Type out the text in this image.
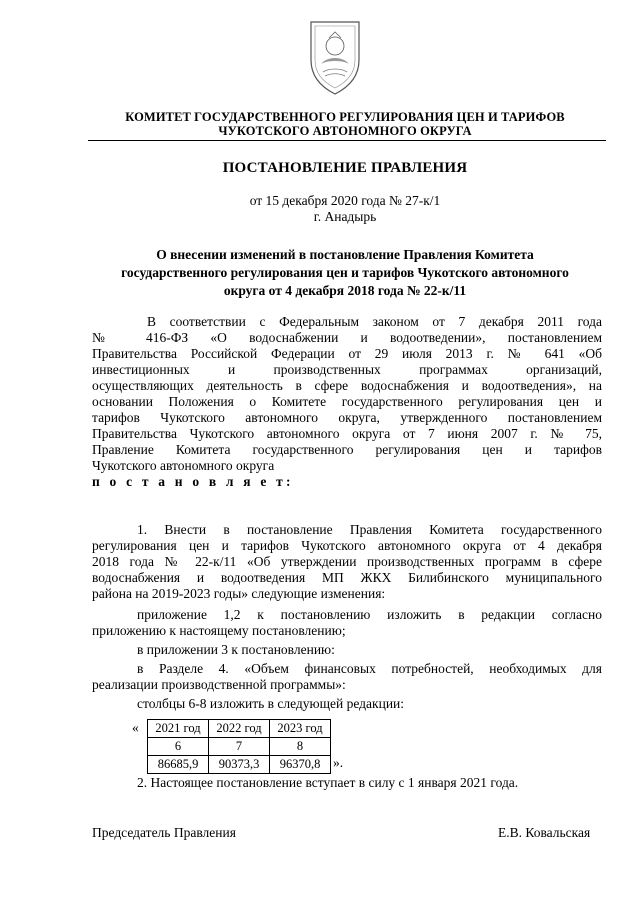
КОМИТЕТ ГОСУДАРСТВЕННОГО РЕГУЛИРОВАНИЯ ЦЕН И ТАРИФОВ
ЧУКОТСКОГО АВТОНОМНОГО ОКРУГА
ПОСТАНОВЛЕНИЕ ПРАВЛЕНИЯ
от 15 декабря 2020 года № 27-к/1
г. Анадырь
О внесении изменений в постановление Правления Комитета
государственного регулирования цен и тарифов Чукотского автономного
округа от 4 декабря 2018 года № 22-к/11
В соответствии с Федеральным законом от 7 декабря 2011 года
№ 416-ФЗ «О водоснабжении и водоотведении», постановлением
Правительства Российской Федерации от 29 июля 2013 г. № 641 «Об
инвестиционных и производственных программах организаций,
осуществляющих деятельность в сфере водоснабжения и водоотведения», на
основании Положения о Комитете государственного регулирования цен и
тарифов Чукотского автономного округа, утвержденного постановлением
Правительства Чукотского автономного округа от 7 июня 2007 г. № 75,
Правление Комитета государственного регулирования цен и тарифов
Чукотского автономного округа
п о с т а н о в л я е т:
1. Внести в постановление Правления Комитета государственного
регулирования цен и тарифов Чукотского автономного округа от 4 декабря
2018 года № 22-к/11 «Об утверждении производственных программ в сфере
водоснабжения и водоотведения МП ЖКХ Билибинского муниципального
района на 2019-2023 годы» следующие изменения:
приложение 1,2 к постановлению изложить в редакции согласно
приложению к настоящему постановлению;
в приложении 3 к постановлению:
в Разделе 4. «Объем финансовых потребностей, необходимых для
реализации производственной программы»:
столбцы 6-8 изложить в следующей редакции:
« 2021 год	2022 год	2023 год
6	7	8
86685,9	90373,3	96370,8 ».
2. Настоящее постановление вступает в силу с 1 января 2021 года.
Председатель Правления	Е.В. Ковальская
